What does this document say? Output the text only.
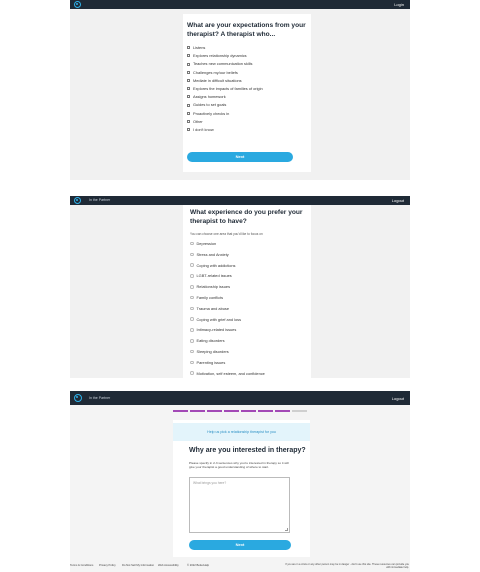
Login
What are your expectations from your therapist? A therapist who...
Listens
Explores relationship dynamics
Teaches new communication skills
Challenges my/our beliefs
Mediate in difficult situations
Explores the impacts of families of origin
Assigns homework
Guides to set goals
Proactively checks in
Other
I don't know
Next
In the Partner	Logout
What experience do you prefer your therapist to have?
You can choose one area that you'd like to focus on
Depression
Stress and Anxiety
Coping with addictions
LGBT-related issues
Relationship issues
Family conflicts
Trauma and abuse
Coping with grief and loss
Intimacy-related issues
Eating disorders
Sleeping disorders
Parenting issues
Motivation, self esteem, and confidence
In the Partner	Logout
Help us pick a relationship therapist for you
Why are you interested in therapy?
Please specify in 2-3 sentences why you're interested in therapy so it will give your therapist a good understanding of where to start.
What brings you here?
Next
Terms & Conditions Privacy Policy Do Not Sell My Information Web Accessibility	© 2022 BetterHelp	If you are in a crisis or any other person may be in danger - don't use this site. These resources can provide you with immediate help.
